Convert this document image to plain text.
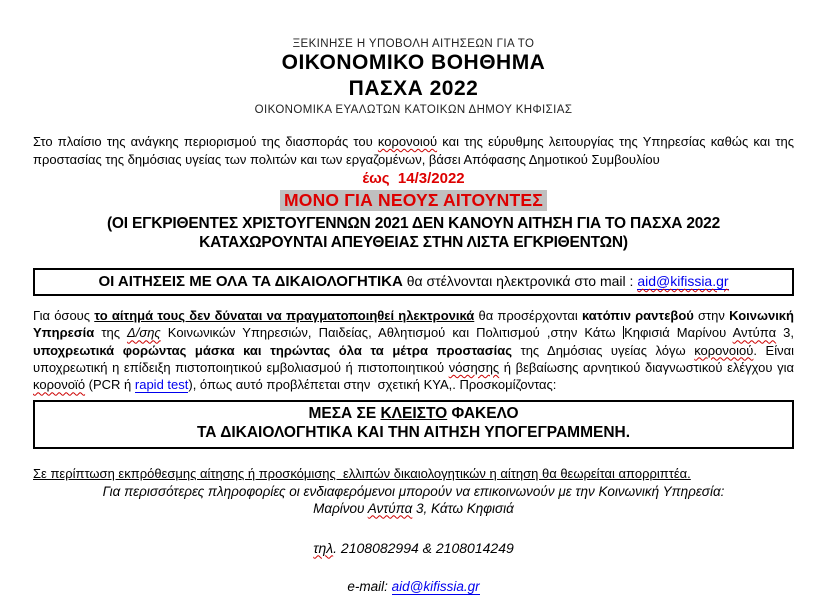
ΞΕΚΙΝΗΣΕ Η ΥΠΟΒΟΛΗ ΑΙΤΗΣΕΩΝ ΓΙΑ ΤΟ
ΟΙΚΟΝΟΜΙΚΟ ΒΟΗΘΗΜΑ
ΠΑΣΧΑ 2022
ΟΙΚΟΝΟΜΙΚΑ ΕΥΑΛΩΤΩΝ ΚΑΤΟΙΚΩΝ ΔΗΜΟΥ ΚΗΦΙΣΙΑΣ

Στο πλαίσιο της ανάγκης περιορισμού της διασποράς του κορονοιού και της εύρυθμης λειτουργίας της Υπηρεσίας καθώς και της προστασίας της δημόσιας υγείας των πολιτών και των εργαζομένων, βάσει Απόφασης Δημοτικού Συμβουλίου

έως  14/3/2022
ΜΟΝΟ ΓΙΑ ΝΕΟΥΣ ΑΙΤΟΥΝΤΕΣ
(ΟΙ ΕΓΚΡΙΘΕΝΤΕΣ ΧΡΙΣΤΟΥΓΕΝΝΩΝ 2021 ΔΕΝ ΚΑΝΟΥΝ ΑΙΤΗΣΗ ΓΙΑ ΤΟ ΠΑΣΧΑ 2022
ΚΑΤΑΧΩΡΟΥΝΤΑΙ ΑΠΕΥΘΕΙΑΣ ΣΤΗΝ ΛΙΣΤΑ ΕΓΚΡΙΘΕΝΤΩΝ)
ΟΙ ΑΙΤΗΣΕΙΣ ΜΕ ΟΛΑ ΤΑ ΔΙΚΑΙΟΛΟΓΗΤΙΚΑ θα στέλνονται ηλεκτρονικά στο mail : aid@kifissia.gr

Για όσους το αίτημά τους δεν δύναται να πραγματοποιηθεί ηλεκτρονικά θα προσέρχονται κατόπιν ραντεβού στην Κοινωνική Υπηρεσία της Δ/σης Κοινωνικών Υπηρεσιών, Παιδείας, Αθλητισμού και Πολιτισμού ,στην Κάτω Κηφισιά Μαρίνου Αντύπα 3, υποχρεωτικά φορώντας μάσκα και τηρώντας όλα τα μέτρα προστασίας της Δημόσιας υγείας λόγω κορονοιού. Είναι υποχρεωτική η επίδειξη πιστοποιητικού εμβολιασμού ή πιστοποιητικού νόσησης ή βεβαίωσης αρνητικού διαγνωστικού ελέγχου για κορονοϊό (PCR ή rapid test), όπως αυτό προβλέπεται στην  σχετική ΚΥΑ,. Προσκομίζοντας:

ΜΕΣΑ ΣΕ ΚΛΕΙΣΤΟ ΦΑΚΕΛΟ
ΤΑ ΔΙΚΑΙΟΛΟΓΗΤΙΚΑ ΚΑΙ ΤΗΝ ΑΙΤΗΣΗ ΥΠΟΓΕΓΡΑΜΜΕΝΗ.

Σε περίπτωση εκπρόθεσμης αίτησης ή προσκόμισης  ελλιπών δικαιολογητικών η αίτηση θα θεωρείται απορριπτέα.

Για περισσότερες πληροφορίες οι ενδιαφερόμενοι μπορούν να επικοινωνούν με την Κοινωνική Υπηρεσία:

Μαρίνου Αντύπα 3, Κάτω Κηφισιά

τηλ. 2108082994 & 2108014249

e-mail: aid@kifissia.gr
